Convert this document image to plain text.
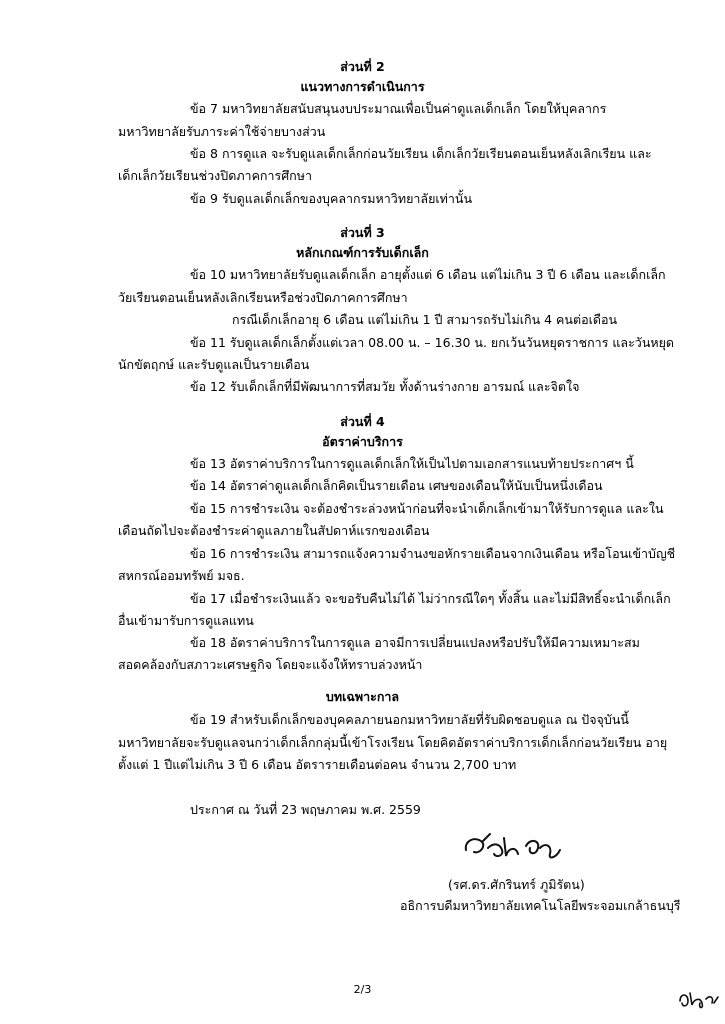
ส่วนที่ 2
แนวทางการดำเนินการ
ข้อ 7 มหาวิทยาลัยสนับสนุนงบประมาณเพื่อเป็นค่าดูแลเด็กเล็ก โดยให้บุคลากร
มหาวิทยาลัยรับภาระค่าใช้จ่ายบางส่วน
ข้อ 8 การดูแล จะรับดูแลเด็กเล็กก่อนวัยเรียน เด็กเล็กวัยเรียนตอนเย็นหลังเลิกเรียน และ
เด็กเล็กวัยเรียนช่วงปิดภาคการศึกษา
ข้อ 9 รับดูแลเด็กเล็กของบุคลากรมหาวิทยาลัยเท่านั้น
ส่วนที่ 3
หลักเกณฑ์การรับเด็กเล็ก
ข้อ 10 มหาวิทยาลัยรับดูแลเด็กเล็ก อายุตั้งแต่ 6 เดือน แต่ไม่เกิน 3 ปี 6 เดือน และเด็กเล็ก
วัยเรียนตอนเย็นหลังเลิกเรียนหรือช่วงปิดภาคการศึกษา
กรณีเด็กเล็กอายุ 6 เดือน แต่ไม่เกิน 1 ปี สามารถรับไม่เกิน 4 คนต่อเดือน
ข้อ 11 รับดูแลเด็กเล็กตั้งแต่เวลา 08.00 น. – 16.30 น. ยกเว้นวันหยุดราชการ และวันหยุด
นักขัตฤกษ์ และรับดูแลเป็นรายเดือน
ข้อ 12 รับเด็กเล็กที่มีพัฒนาการที่สมวัย ทั้งด้านร่างกาย อารมณ์ และจิตใจ
ส่วนที่ 4
อัตราค่าบริการ
ข้อ 13 อัตราค่าบริการในการดูแลเด็กเล็กให้เป็นไปตามเอกสารแนบท้ายประกาศฯ นี้
ข้อ 14 อัตราค่าดูแลเด็กเล็กคิดเป็นรายเดือน เศษของเดือนให้นับเป็นหนึ่งเดือน
ข้อ 15 การชำระเงิน จะต้องชำระล่วงหน้าก่อนที่จะนำเด็กเล็กเข้ามาให้รับการดูแล และใน
เดือนถัดไปจะต้องชำระค่าดูแลภายในสัปดาห์แรกของเดือน
ข้อ 16 การชำระเงิน สามารถแจ้งความจำนงขอหักรายเดือนจากเงินเดือน หรือโอนเข้าบัญชี
สหกรณ์ออมทรัพย์ มจธ.
ข้อ 17 เมื่อชำระเงินแล้ว จะขอรับคืนไม่ได้ ไม่ว่ากรณีใดๆ ทั้งสิ้น และไม่มีสิทธิ์จะนำเด็กเล็ก
อื่นเข้ามารับการดูแลแทน
ข้อ 18 อัตราค่าบริการในการดูแล อาจมีการเปลี่ยนแปลงหรือปรับให้มีความเหมาะสม
สอดคล้องกับสภาวะเศรษฐกิจ โดยจะแจ้งให้ทราบล่วงหน้า
บทเฉพาะกาล
ข้อ 19 สำหรับเด็กเล็กของบุคคลภายนอกมหาวิทยาลัยที่รับผิดชอบดูแล ณ ปัจจุบันนี้
มหาวิทยาลัยจะรับดูแลจนกว่าเด็กเล็กกลุ่มนี้เข้าโรงเรียน โดยคิดอัตราค่าบริการเด็กเล็กก่อนวัยเรียน อายุ
ตั้งแต่ 1 ปีแต่ไม่เกิน 3 ปี 6 เดือน อัตรารายเดือนต่อคน จำนวน 2,700 บาท
ประกาศ ณ วันที่ 23 พฤษภาคม พ.ศ. 2559
(รศ.ดร.ศักรินทร์ ภูมิรัตน)
อธิการบดีมหาวิทยาลัยเทคโนโลยีพระจอมเกล้าธนบุรี
2/3
